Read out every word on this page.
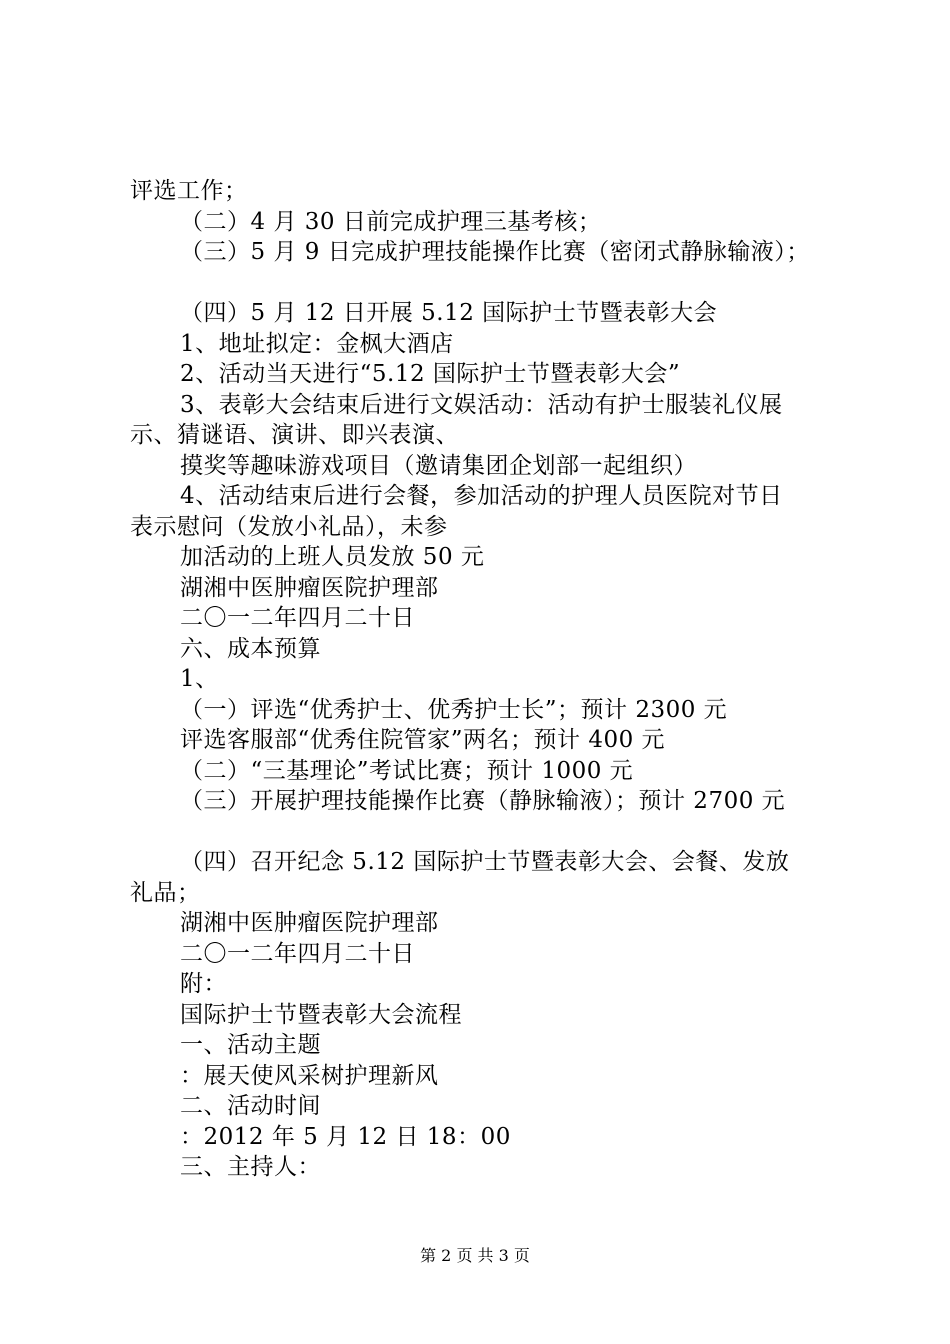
评选工作；
（二）4 月 30 日前完成护理三基考核；
（三）5 月 9 日完成护理技能操作比赛（密闭式静脉输液）；
（四）5 月 12 日开展 5.12 国际护士节暨表彰大会
1、地址拟定：金枫大酒店
2、活动当天进行“5.12 国际护士节暨表彰大会”
3、表彰大会结束后进行文娱活动：活动有护士服装礼仪展
示、猜谜语、演讲、即兴表演、
摸奖等趣味游戏项目（邀请集团企划部一起组织）
4、活动结束后进行会餐，参加活动的护理人员医院对节日
表示慰问（发放小礼品），未参
加活动的上班人员发放 50 元
湖湘中医肿瘤医院护理部
二〇一二年四月二十日
六、成本预算
1、
（一）评选“优秀护士、优秀护士长”；预计 2300 元
评选客服部“优秀住院管家”两名；预计 400 元
（二）“三基理论”考试比赛；预计 1000 元
（三）开展护理技能操作比赛（静脉输液）；预计 2700 元
（四）召开纪念 5.12 国际护士节暨表彰大会、会餐、发放
礼品；
湖湘中医肿瘤医院护理部
二〇一二年四月二十日
附：
国际护士节暨表彰大会流程
一、活动主题
：展天使风采树护理新风
二、活动时间
：2012 年 5 月 12 日 18：00
三、主持人：
第 2 页 共 3 页
